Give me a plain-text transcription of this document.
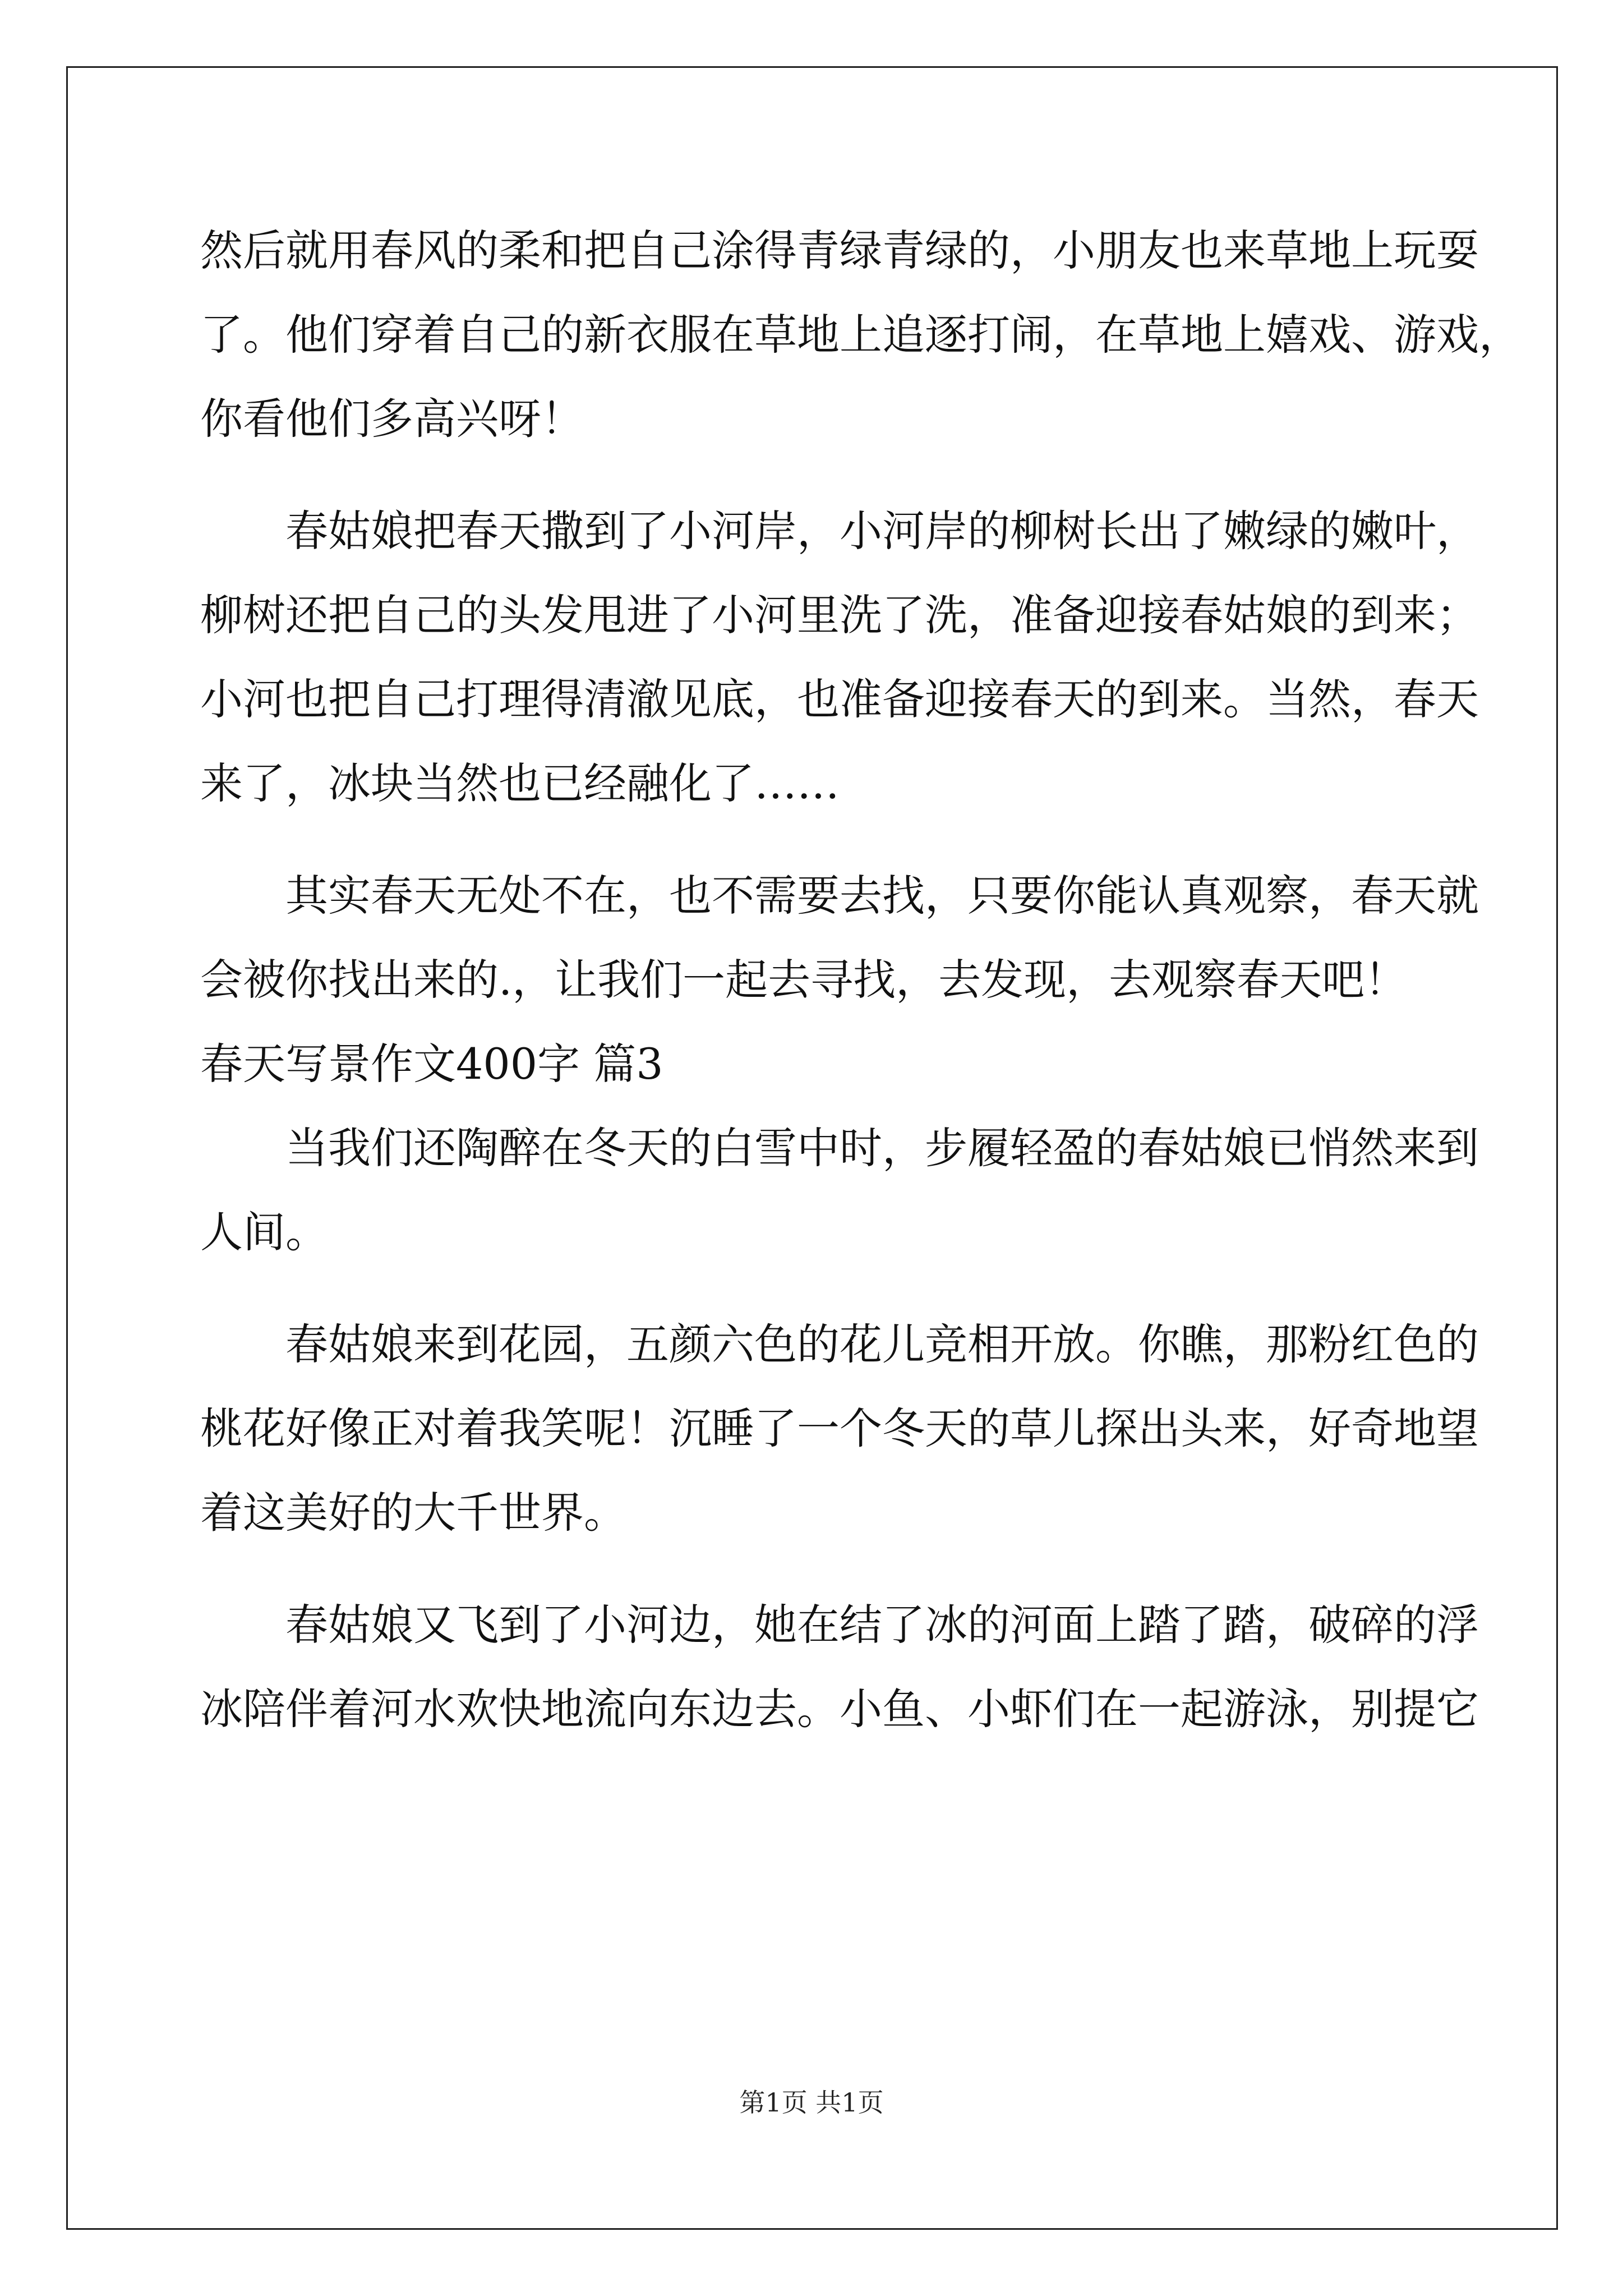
然后就用春风的柔和把自己涂得青绿青绿的，小朋友也来草地上玩耍
了。他们穿着自己的新衣服在草地上追逐打闹，在草地上嬉戏、游戏，
你看他们多高兴呀！
春姑娘把春天撒到了小河岸，小河岸的柳树长出了嫩绿的嫩叶，
柳树还把自己的头发甩进了小河里洗了洗，准备迎接春姑娘的到来；
小河也把自己打理得清澈见底，也准备迎接春天的到来。当然，春天
来了，冰块当然也已经融化了……
其实春天无处不在，也不需要去找，只要你能认真观察，春天就
会被你找出来的.，让我们一起去寻找，去发现，去观察春天吧！
春天写景作文400字 篇3
当我们还陶醉在冬天的白雪中时，步履轻盈的春姑娘已悄然来到
人间。
春姑娘来到花园，五颜六色的花儿竞相开放。你瞧，那粉红色的
桃花好像正对着我笑呢！沉睡了一个冬天的草儿探出头来，好奇地望
着这美好的大千世界。
春姑娘又飞到了小河边，她在结了冰的河面上踏了踏，破碎的浮
冰陪伴着河水欢快地流向东边去。小鱼、小虾们在一起游泳，别提它
第1页 共1页
